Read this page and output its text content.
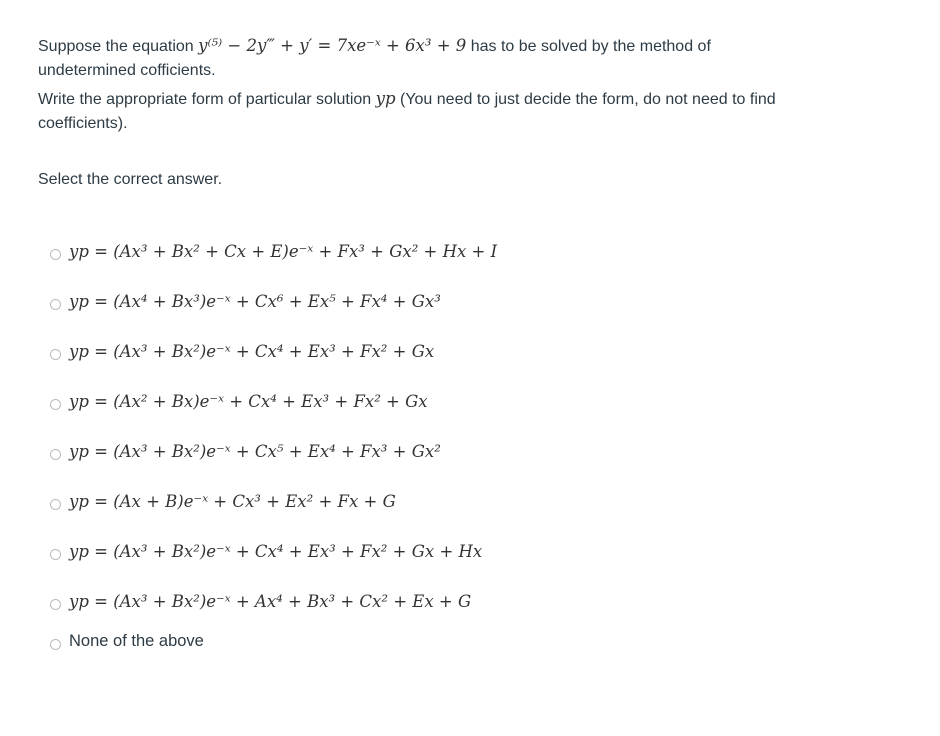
Suppose the equation y⁽⁵⁾ − 2y‴ + y′ = 7xe⁻ˣ + 6x³ + 9 has to be solved by the method of
undetermined cofficients.
Write the appropriate form of particular solution yp (You need to just decide the form, do not need to find
coefficients).
Select the correct answer.
yp = (Ax³ + Bx² + Cx + E)e⁻ˣ + Fx³ + Gx² + Hx + I
yp = (Ax⁴ + Bx³)e⁻ˣ + Cx⁶ + Ex⁵ + Fx⁴ + Gx³
yp = (Ax³ + Bx²)e⁻ˣ + Cx⁴ + Ex³ + Fx² + Gx
yp = (Ax² + Bx)e⁻ˣ + Cx⁴ + Ex³ + Fx² + Gx
yp = (Ax³ + Bx²)e⁻ˣ + Cx⁵ + Ex⁴ + Fx³ + Gx²
yp = (Ax + B)e⁻ˣ + Cx³ + Ex² + Fx + G
yp = (Ax³ + Bx²)e⁻ˣ + Cx⁴ + Ex³ + Fx² + Gx + Hx
yp = (Ax³ + Bx²)e⁻ˣ + Ax⁴ + Bx³ + Cx² + Ex + G
None of the above
